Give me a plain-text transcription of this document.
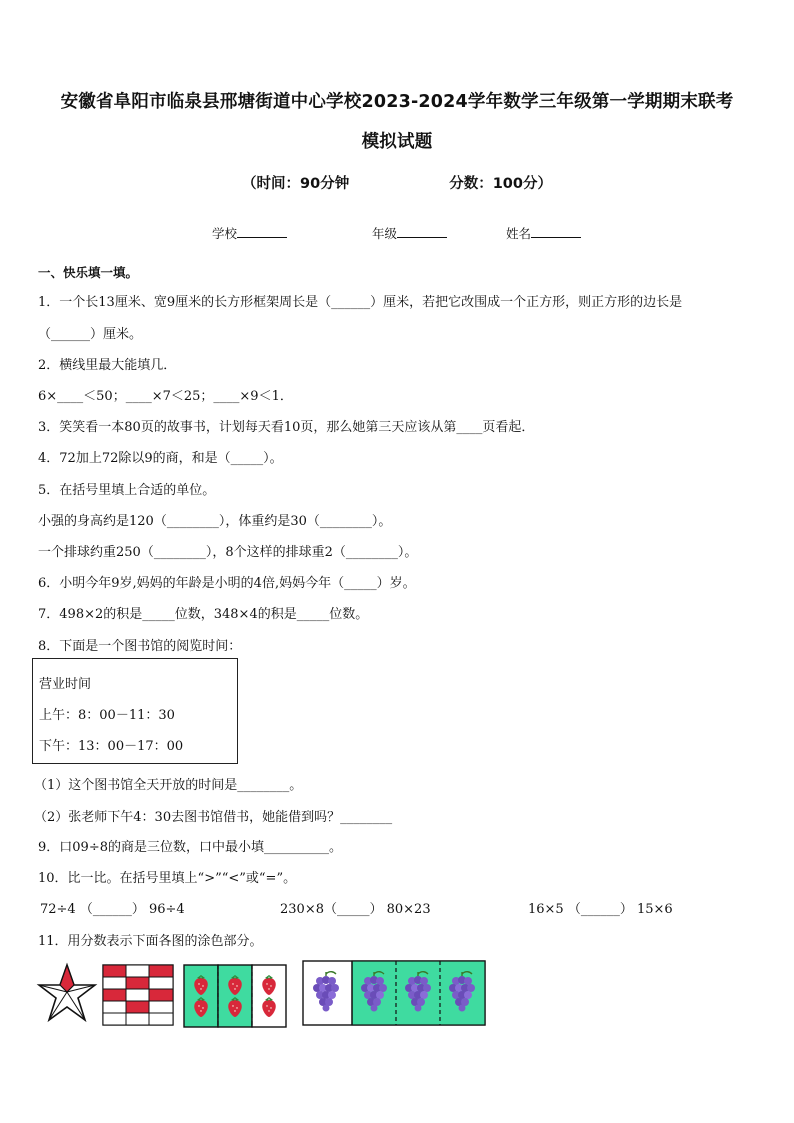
安徽省阜阳市临泉县邢塘街道中心学校2023-2024学年数学三年级第一学期期末联考
模拟试题
（时间：90分钟	分数：100分）
学校	年级	姓名
一、快乐填一填。
1．一个长13厘米、宽9厘米的长方形框架周长是（______）厘米，若把它改围成一个正方形，则正方形的边长是
（______）厘米。
2．横线里最大能填几．
6×____＜50；____×7＜25；____×9＜1．
3．笑笑看一本80页的故事书，计划每天看10页，那么她第三天应该从第____页看起．
4．72加上72除以9的商，和是（_____）。
5．在括号里填上合适的单位。
小强的身高约是120（________），体重约是30（________）。
一个排球约重250（________），8个这样的排球重2（________）。
6．小明今年9岁,妈妈的年龄是小明的4倍,妈妈今年（_____）岁。
7．498×2的积是_____位数，348×4的积是_____位数。
8．下面是一个图书馆的阅览时间：
营业时间
上午：8：00－11：30
下午：13：00－17：00
（1）这个图书馆全天开放的时间是________。
（2）张老师下午4：30去图书馆借书，她能借到吗？________
9．口09÷8的商是三位数，口中最小填__________。
10．比一比。在括号里填上“>”“<”或“=”。
72÷4 （______） 96÷4	230×8（_____） 80×23	16×5 （______） 15×6
11．用分数表示下面各图的涂色部分。
